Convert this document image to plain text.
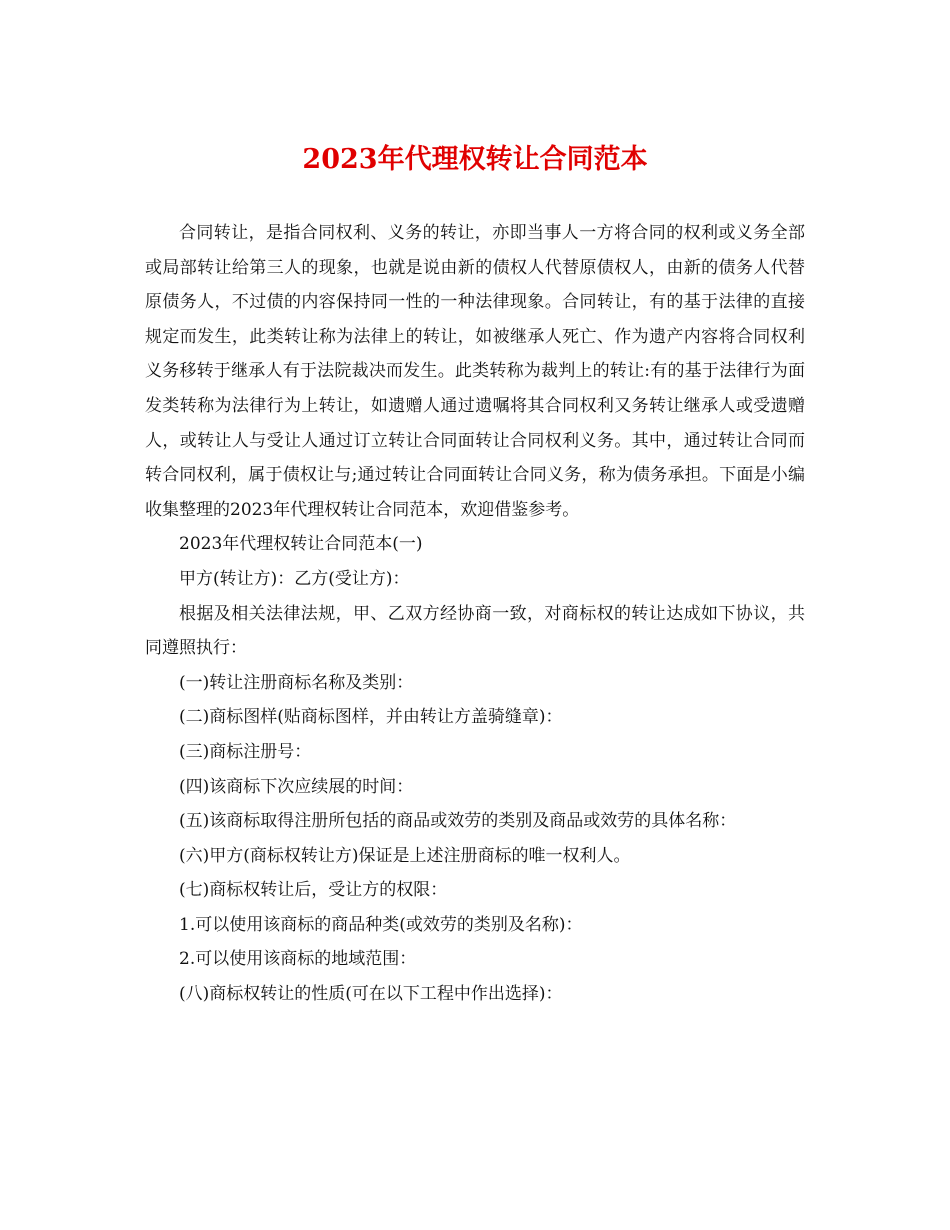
2023年代理权转让合同范本

合同转让，是指合同权利、义务的转让，亦即当事人一方将合同的权利或义务全部或局部转让给第三人的现象，也就是说由新的债权人代替原债权人，由新的债务人代替原债务人，不过债的内容保持同一性的一种法律现象。合同转让，有的基于法律的直接规定而发生，此类转让称为法律上的转让，如被继承人死亡、作为遗产内容将合同权利义务移转于继承人有于法院裁决而发生。此类转称为裁判上的转让:有的基于法律行为面发类转称为法律行为上转让，如遗赠人通过遗嘱将其合同权利又务转让继承人或受遗赠人，或转让人与受让人通过订立转让合同面转让合同权利义务。其中，通过转让合同而转合同权利，属于债权让与;通过转让合同面转让合同义务，称为债务承担。下面是小编收集整理的2023年代理权转让合同范本，欢迎借鉴参考。

2023年代理权转让合同范本(一)

甲方(转让方)：乙方(受让方)：

根据及相关法律法规，甲、乙双方经协商一致，对商标权的转让达成如下协议，共同遵照执行：

(一)转让注册商标名称及类别：

(二)商标图样(贴商标图样，并由转让方盖骑缝章)：

(三)商标注册号：

(四)该商标下次应续展的时间：

(五)该商标取得注册所包括的商品或效劳的类别及商品或效劳的具体名称：

(六)甲方(商标权转让方)保证是上述注册商标的唯一权利人。

(七)商标权转让后，受让方的权限：

1.可以使用该商标的商品种类(或效劳的类别及名称)：

2.可以使用该商标的地域范围：

(八)商标权转让的性质(可在以下工程中作出选择)：
